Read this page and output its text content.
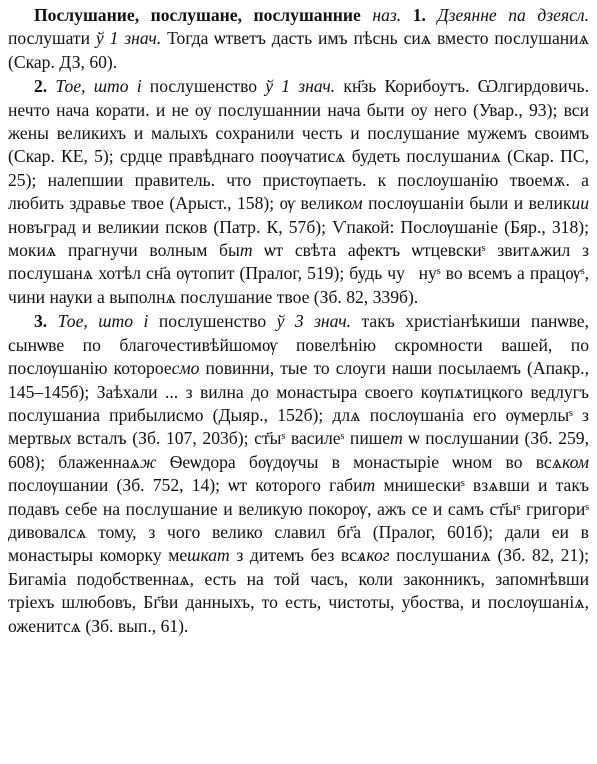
Послушание, послушане, послушанние наз. 1. Дзеянне па дзеясл. послушати ў 1 знач. Тогда ѡтветъ дасть имъ пѣснь сиѧ вместо послушаниѧ (Скар. ДЗ, 60).

2. Тое, што і послушенство ў 1 знач. кн҃зь Корибоутъ. Ѡлгирдовичь. нечто нача корати. и не оу послушаннии нача быти оу него (Увар., 93); вси жены великихъ и малыхъ сохранили честь и послушание мужемъ своимъ (Скар. КЕ, 5); срдце правѣднаго поѹчатисѧ будеть послушаниѧ (Скар. ПС, 25); налепшии правитель. что пристѹпаеть. к послоушанію твоемѫ. а любить здравье твое (Арыст., 158); ѹ великом послѹшаніи были и великии новъград и великии псков (Патр. К, 57б); Ѵпакой: Послѹшаніе (Бяр., 318); мокиѧ прагнучи волным быт ѡт свѣта афектъ ѡтцевскиˢ звитѧжил з послушанѧ хотѣл сн҃а ѹтопит (Пралог, 519); будь чуⷭнуˢ во всемъ а працѹˢ, чини науки а выполнѧ послушание твое (Зб. 82, 339б).

3. Тое, што і послушенство ў 3 знач. такъ христіанѣкиши панѡве, сынѡве по благочестивѣйшомѹ повелѣнію скромности вашей, по послѹшанію котороесмо повинни, тые то слоуги наши посылаемъ (Апакр., 145–145б); Заѣхали ... з вилна до монастыра своего кѹпѧтицкого ведлугъ послушаниа прибылисмо (Дыяр., 152б); длѧ послѹшаніа его ѹмерлыˢ з мертвых всталъ (Зб. 107, 203б); ст҃ыˢ василеˢ пишет ѡ послушании (Зб. 259, 608); блаженнаѧж Ѳеѡдора бѹдѹчы в монастыріе ѡном во всѧком послѹшании (Зб. 752, 14); ѡт которого габит мнишескиˢ взѧвши и такъ подавъ себе на послушание и великую покорѹ, ажъ се и самъ ст҃ыˢ григориˢ дивовалсѧ тому, з чого велико славил бг҃а (Пралог, 601б); дали еи в монастыры коморку мешкат з дитемъ без всѧког послушаниѧ (Зб. 82, 21); Бигаміа подобственнаѧ, есть на той часъ, коли законникъ, запомнѣвши тріехъ шлюбовъ, Бг҃ви данныхъ, то есть, чистоты, убоства, и послѹшаніѧ, оженитсѧ (Зб. вып., 61).
